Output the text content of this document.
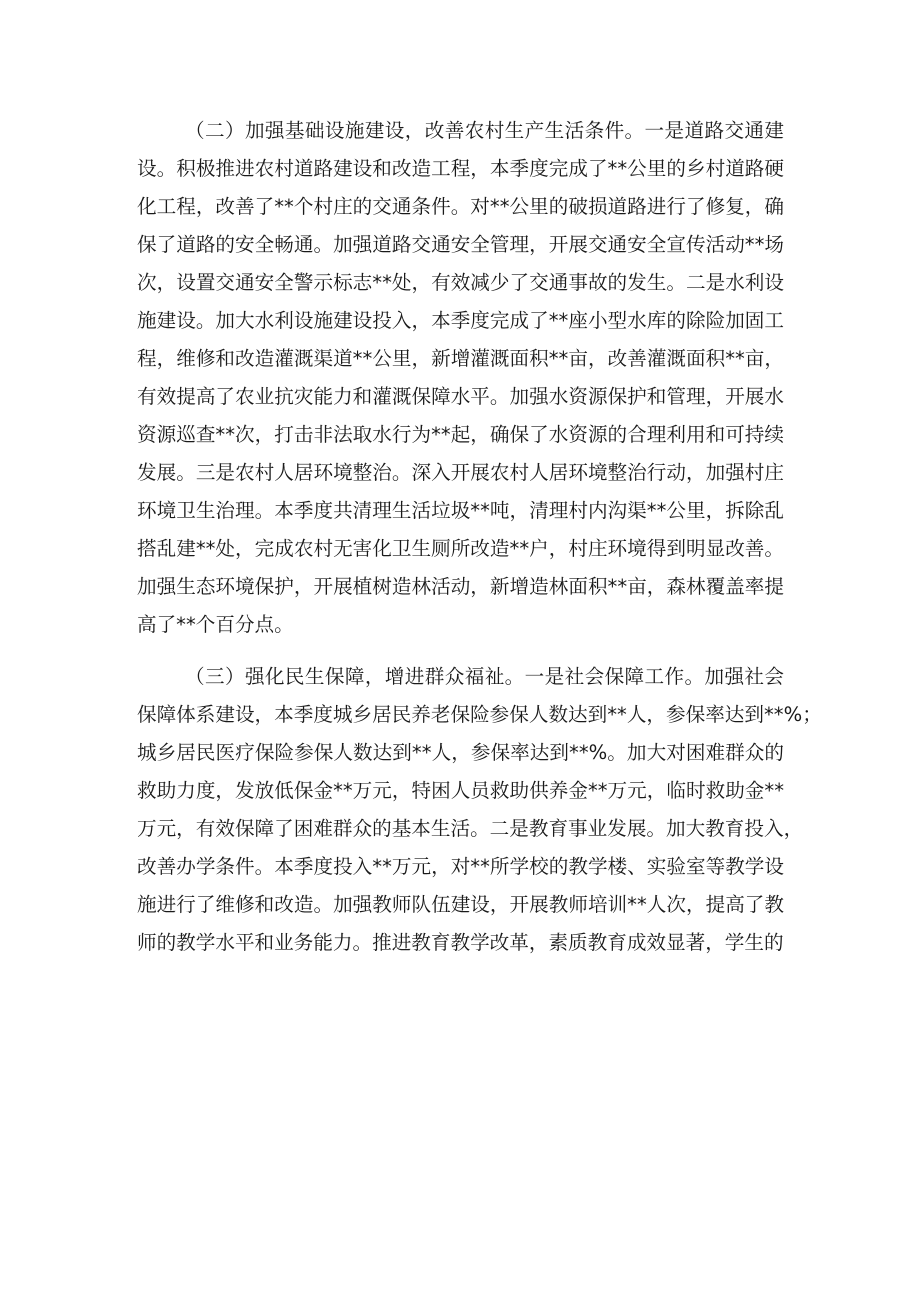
（二）加强基础设施建设，改善农村生产生活条件。一是道路交通建
设。积极推进农村道路建设和改造工程，本季度完成了**公里的乡村道路硬
化工程，改善了**个村庄的交通条件。对**公里的破损道路进行了修复，确
保了道路的安全畅通。加强道路交通安全管理，开展交通安全宣传活动**场
次，设置交通安全警示标志**处，有效减少了交通事故的发生。二是水利设
施建设。加大水利设施建设投入，本季度完成了**座小型水库的除险加固工
程，维修和改造灌溉渠道**公里，新增灌溉面积**亩，改善灌溉面积**亩，
有效提高了农业抗灾能力和灌溉保障水平。加强水资源保护和管理，开展水
资源巡查**次，打击非法取水行为**起，确保了水资源的合理利用和可持续
发展。三是农村人居环境整治。深入开展农村人居环境整治行动，加强村庄
环境卫生治理。本季度共清理生活垃圾**吨，清理村内沟渠**公里，拆除乱
搭乱建**处，完成农村无害化卫生厕所改造**户，村庄环境得到明显改善。
加强生态环境保护，开展植树造林活动，新增造林面积**亩，森林覆盖率提
高了**个百分点。
（三）强化民生保障，增进群众福祉。一是社会保障工作。加强社会
保障体系建设，本季度城乡居民养老保险参保人数达到**人，参保率达到**%；
城乡居民医疗保险参保人数达到**人，参保率达到**%。加大对困难群众的
救助力度，发放低保金**万元，特困人员救助供养金**万元，临时救助金**
万元，有效保障了困难群众的基本生活。二是教育事业发展。加大教育投入，
改善办学条件。本季度投入**万元，对**所学校的教学楼、实验室等教学设
施进行了维修和改造。加强教师队伍建设，开展教师培训**人次，提高了教
师的教学水平和业务能力。推进教育教学改革，素质教育成效显著，学生的
